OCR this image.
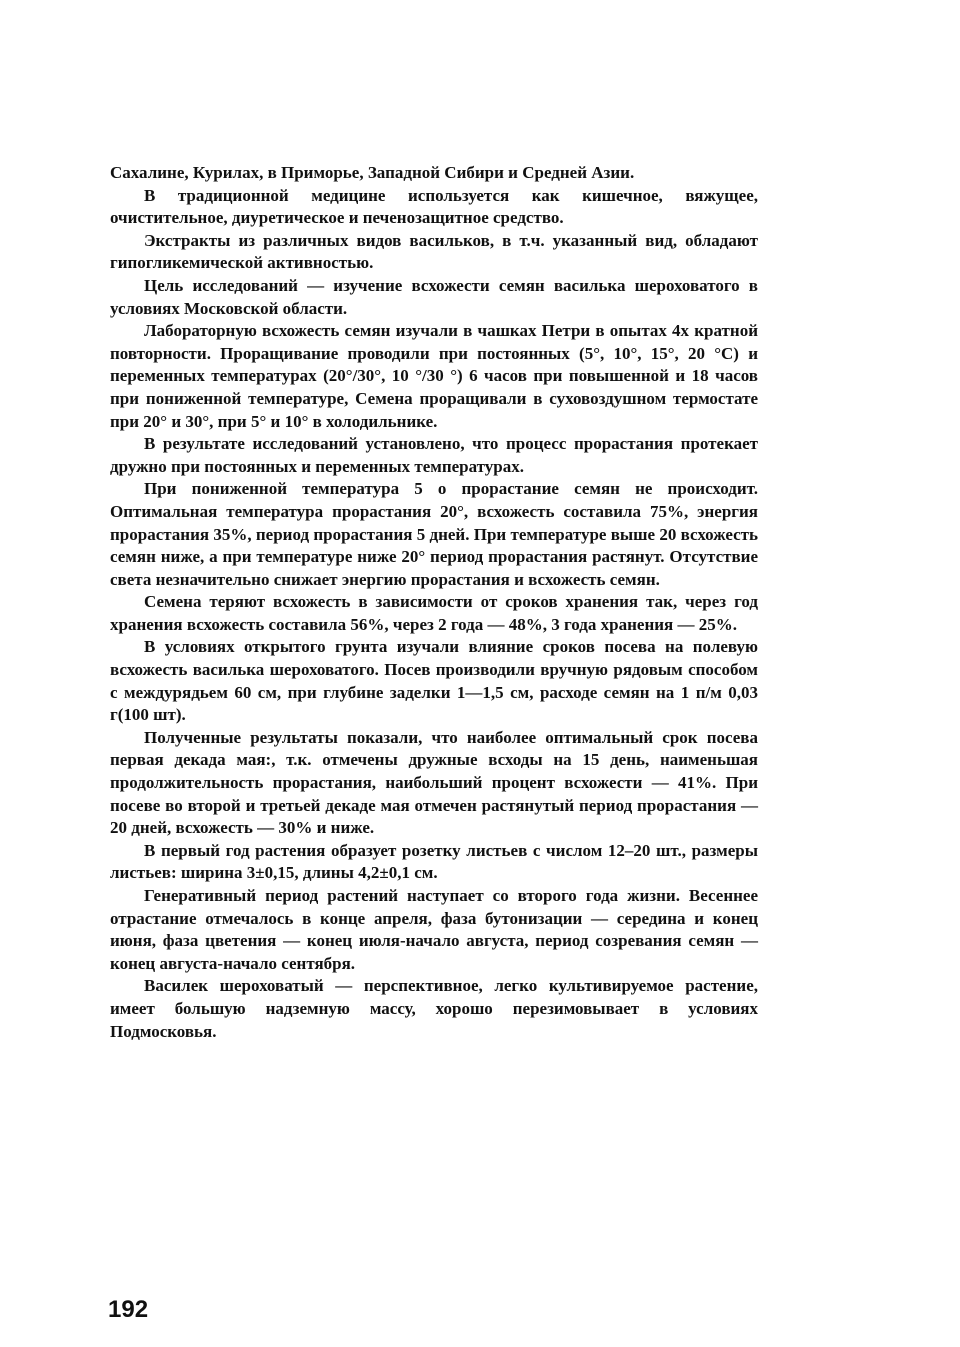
Сахалине, Курилах, в Приморье, Западной Сибири и Средней Азии.

В традиционной медицине используется как кишечное, вяжущее, очистительное, диуретическое и печенозащитное средство.

Экстракты из различных видов васильков, в т.ч. указанный вид, обладают гипогликемической активностью.

Цель исследований — изучение всхожести семян василька шероховатого в условиях Московской области.

Лабораторную всхожесть семян изучали в чашках Петри в опытах 4х кратной повторности. Проращивание проводили при постоянных (5°, 10°, 15°, 20 °С) и переменных температурах (20°/30°, 10 °/30 °) 6 часов при повышенной и 18 часов при пониженной температуре, Семена проращивали в суховоздушном термостате при 20° и 30°, при 5° и 10° в холодильнике.

В результате исследований установлено, что процесс прорастания протекает дружно при постоянных и переменных температурах.

При пониженной температура 5 о прорастание семян не происходит. Оптимальная температура прорастания 20°, всхожесть составила 75%, энергия прорастания 35%, период прорастания 5 дней. При температуре выше 20 всхожесть семян ниже, а при температуре ниже 20° период прорастания растянут. Отсутствие света незначительно снижает энергию прорастания и всхожесть семян.

Семена теряют всхожесть в зависимости от сроков хранения так, через год хранения всхожесть составила 56%, через 2 года — 48%, 3 года хранения — 25%.

В условиях открытого грунта изучали влияние сроков посева на полевую всхожесть василька шероховатого. Посев производили вручную рядовым способом с междурядьем 60 см, при глубине заделки 1—1,5 см, расходе семян на 1 п/м 0,03 г(100 шт).

Полученные результаты показали, что наиболее оптимальный срок посева первая декада мая:, т.к. отмечены дружные всходы на 15 день, наименьшая продолжительность прорастания, наибольший процент всхожести — 41%. При посеве во второй и третьей декаде мая отмечен растянутый период прорастания — 20 дней, всхожесть — 30% и ниже.

В первый год растения образует розетку листьев с числом 12–20 шт., размеры листьев: ширина 3±0,15, длины 4,2±0,1 см.

Генеративный период растений наступает со второго года жизни. Весеннее отрастание отмечалось в конце апреля, фаза бутонизации — середина и конец июня, фаза цветения — конец июля-начало августа, период созревания семян — конец августа-начало сентября.

Василек шероховатый — перспективное, легко культивируемое растение, имеет большую надземную массу, хорошо перезимовывает в условиях Подмосковья.

192
